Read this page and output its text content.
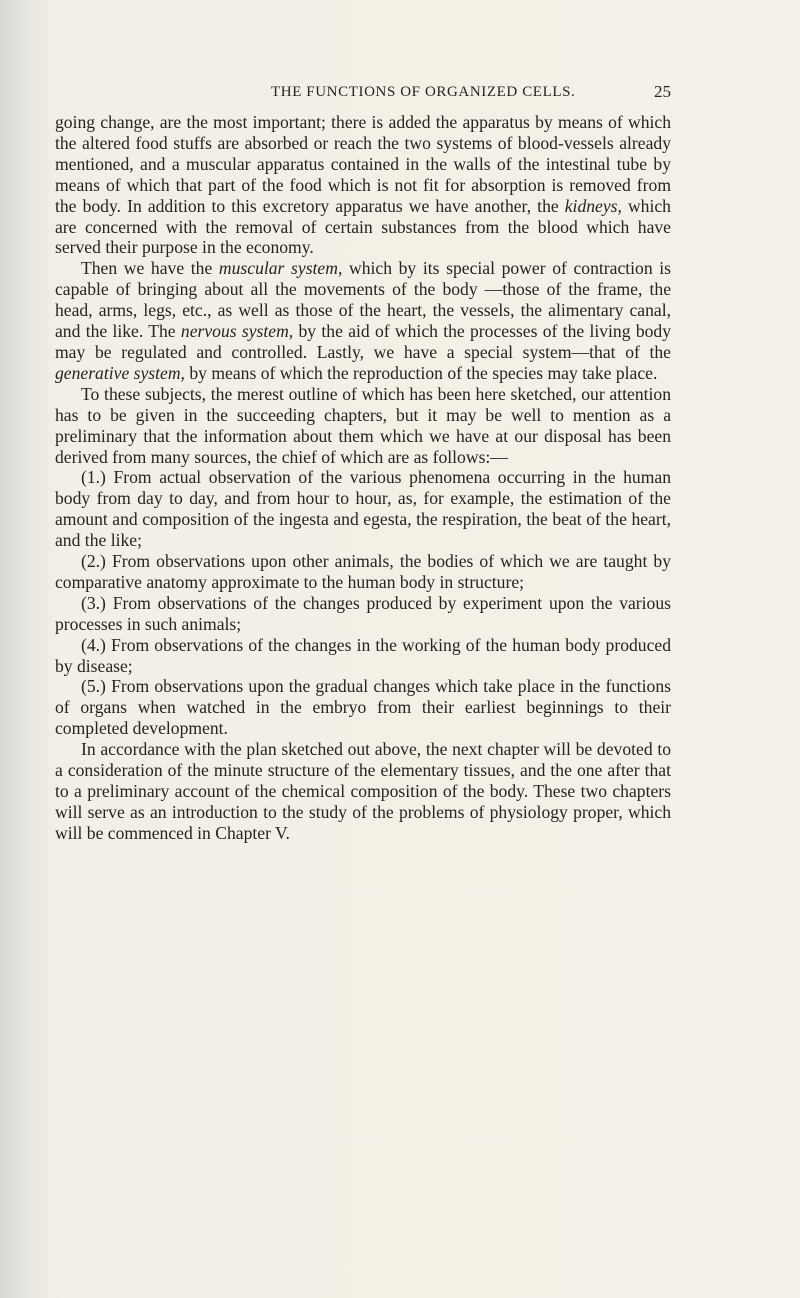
THE FUNCTIONS OF ORGANIZED CELLS.	25

going change, are the most important; there is added the apparatus by means of which the altered food stuffs are absorbed or reach the two systems of blood-vessels already mentioned, and a muscular apparatus contained in the walls of the intestinal tube by means of which that part of the food which is not fit for absorption is removed from the body. In addition to this excretory apparatus we have another, the kidneys, which are concerned with the removal of certain substances from the blood which have served their purpose in the economy.

Then we have the muscular system, which by its special power of contraction is capable of bringing about all the movements of the body —those of the frame, the head, arms, legs, etc., as well as those of the heart, the vessels, the alimentary canal, and the like. The nervous system, by the aid of which the processes of the living body may be regulated and controlled. Lastly, we have a special system—that of the generative system, by means of which the reproduction of the species may take place.

To these subjects, the merest outline of which has been here sketched, our attention has to be given in the succeeding chapters, but it may be well to mention as a preliminary that the information about them which we have at our disposal has been derived from many sources, the chief of which are as follows:—

(1.) From actual observation of the various phenomena occurring in the human body from day to day, and from hour to hour, as, for example, the estimation of the amount and composition of the ingesta and egesta, the respiration, the beat of the heart, and the like;

(2.) From observations upon other animals, the bodies of which we are taught by comparative anatomy approximate to the human body in structure;

(3.) From observations of the changes produced by experiment upon the various processes in such animals;

(4.) From observations of the changes in the working of the human body produced by disease;

(5.) From observations upon the gradual changes which take place in the functions of organs when watched in the embryo from their earliest beginnings to their completed development.

In accordance with the plan sketched out above, the next chapter will be devoted to a consideration of the minute structure of the elementary tissues, and the one after that to a preliminary account of the chemical composition of the body. These two chapters will serve as an introduction to the study of the problems of physiology proper, which will be commenced in Chapter V.
